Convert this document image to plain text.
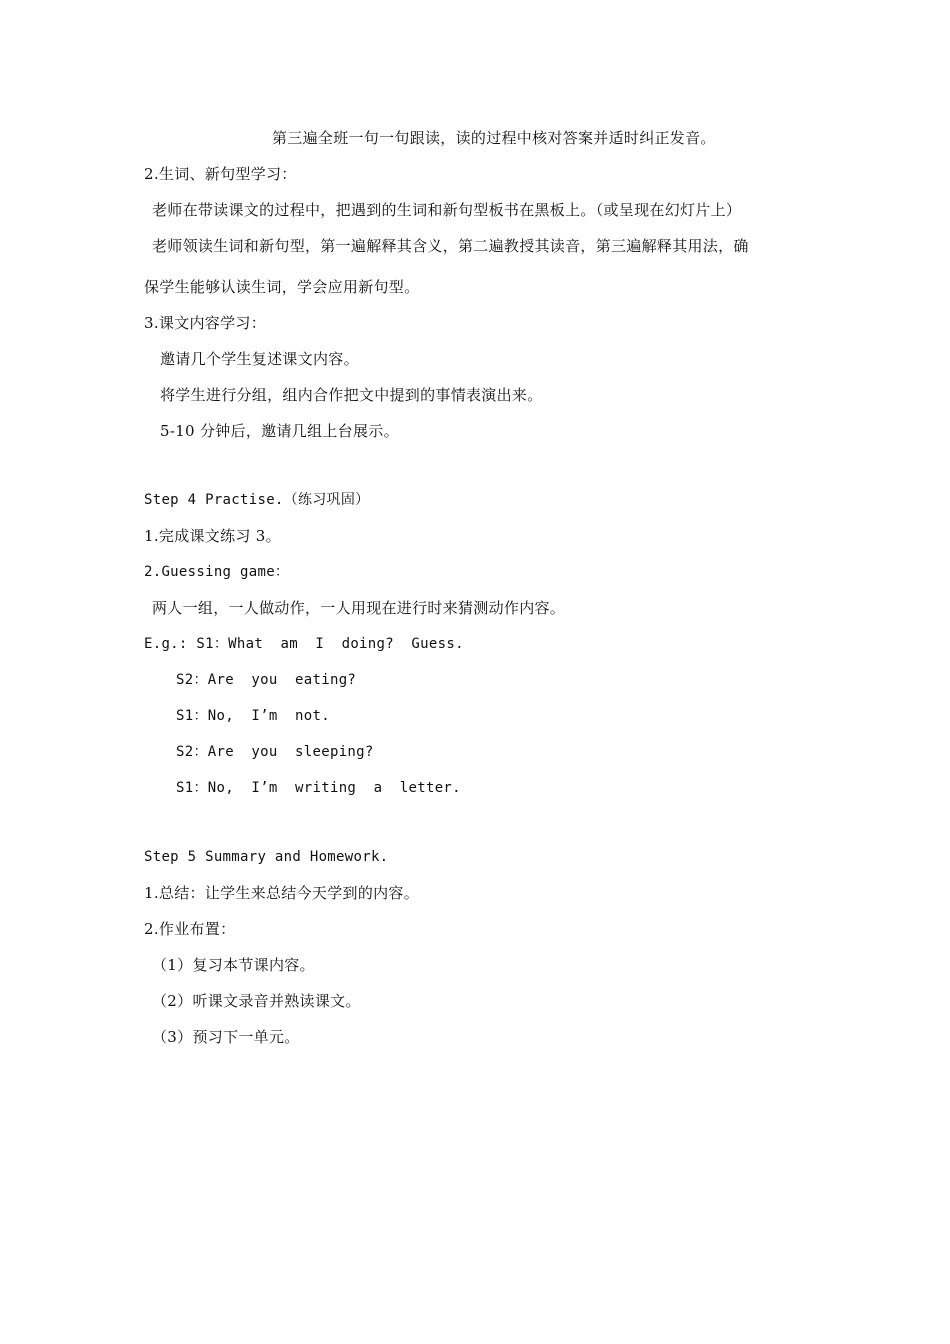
第三遍全班一句一句跟读，读的过程中核对答案并适时纠正发音。
2.生词、新句型学习：
老师在带读课文的过程中，把遇到的生词和新句型板书在黑板上。（或呈现在幻灯片上）
老师领读生词和新句型，第一遍解释其含义，第二遍教授其读音，第三遍解释其用法，确
保学生能够认读生词，学会应用新句型。
3.课文内容学习：
邀请几个学生复述课文内容。
将学生进行分组，组内合作把文中提到的事情表演出来。
5-10 分钟后，邀请几组上台展示。
Step 4 Practise.（练习巩固）
1.完成课文练习 3。
2.Guessing game：
两人一组，一人做动作，一人用现在进行时来猜测动作内容。
E.g.: S1：What  am  I  doing?  Guess.
S2：Are  you  eating?
S1：No,  I’m  not.
S2：Are  you  sleeping?
S1：No,  I’m  writing  a  letter.
Step 5 Summary and Homework.
1.总结：让学生来总结今天学到的内容。
2.作业布置：
（1）复习本节课内容。
（2）听课文录音并熟读课文。
（3）预习下一单元。
